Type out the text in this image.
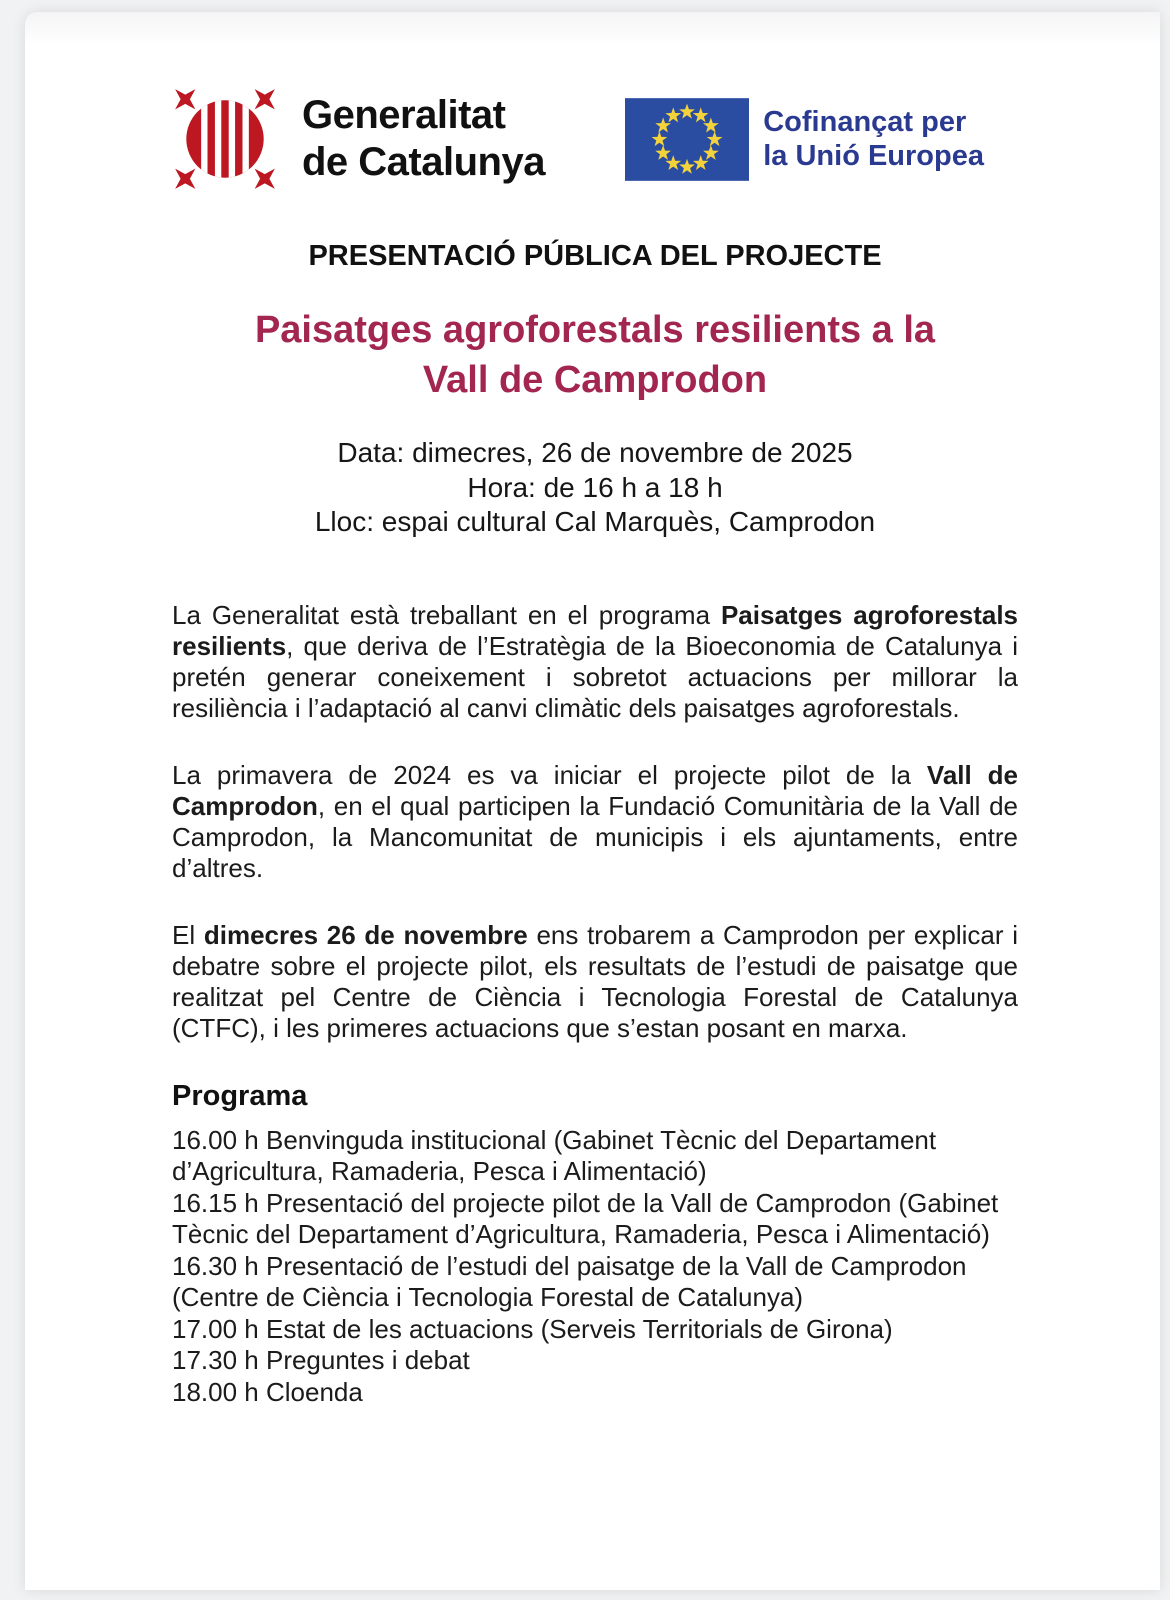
Generalitat
de Catalunya
Cofinançat per
la Unió Europea
PRESENTACIÓ PÚBLICA DEL PROJECTE
Paisatges agroforestals resilients a la
Vall de Camprodon
Data: dimecres, 26 de novembre de 2025
Hora: de 16 h a 18 h
Lloc: espai cultural Cal Marquès, Camprodon

La Generalitat està treballant en el programa Paisatges agroforestals resilients, que deriva de l’Estratègia de la Bioeconomia de Catalunya i pretén generar coneixement i sobretot actuacions per millorar la resiliència i l’adaptació al canvi climàtic dels paisatges agroforestals.

La primavera de 2024 es va iniciar el projecte pilot de la Vall de Camprodon, en el qual participen la Fundació Comunitària de la Vall de Camprodon, la Mancomunitat de municipis i els ajuntaments, entre d’altres.

El dimecres 26 de novembre ens trobarem a Camprodon per explicar i debatre sobre el projecte pilot, els resultats de l’estudi de paisatge que realitzat pel Centre de Ciència i Tecnologia Forestal de Catalunya (CTFC), i les primeres actuacions que s’estan posant en marxa.

Programa
16.00 h Benvinguda institucional (Gabinet Tècnic del Departament d’Agricultura, Ramaderia, Pesca i Alimentació)
16.15 h Presentació del projecte pilot de la Vall de Camprodon (Gabinet Tècnic del Departament d’Agricultura, Ramaderia, Pesca i Alimentació)
16.30 h Presentació de l’estudi del paisatge de la Vall de Camprodon (Centre de Ciència i Tecnologia Forestal de Catalunya)
17.00 h Estat de les actuacions (Serveis Territorials de Girona)
17.30 h Preguntes i debat
18.00 h Cloenda
